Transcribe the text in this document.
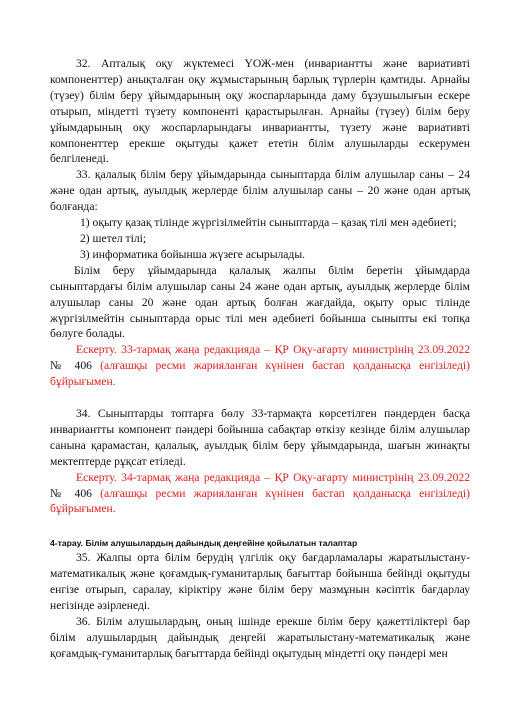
32. Апталық оқу жүктемесі ҮОЖ-мен (инвариантты және вариативті компоненттер) анықталған оқу жұмыстарының барлық түрлерін қамтиды. Арнайы (түзеу) білім беру ұйымдарының оқу жоспарларында даму бұзушылығын ескере отырып, міндетті түзету компоненті қарастырылған. Арнайы (түзеу) білім беру ұйымдарының оқу жоспарларындағы инвариантты, түзету және вариативті компоненттер ерекше оқытуды қажет ететін білім алушыларды ескерумен белгіленеді.

33. қалалық білім беру ұйымдарында сыныптарда білім алушылар саны – 24 және одан артық, ауылдық жерлерде білім алушылар саны – 20 және одан артық болғанда:

1) оқыту қазақ тілінде жүргізілмейтін сыныптарда – қазақ тілі мен әдебиеті;

2) шетел тілі;

3) информатика бойынша жүзеге асырылады.

Білім беру ұйымдарында қалалық жалпы білім беретін ұйымдарда сыныптардағы білім алушылар саны 24 және одан артық, ауылдық жерлерде білім алушылар саны 20 және одан артық болған жағдайда, оқыту орыс тілінде жүргізілмейтін сыныптарда орыс тілі мен әдебиеті бойынша сыныпты екі топқа бөлуге болады.

Ескерту. 33-тармақ жаңа редакцияда – ҚР Оқу-ағарту министрінің 23.09.2022 № 406 (алғашқы ресми жарияланған күнінен бастап қолданысқа енгізіледі) бұйрығымен.

34. Сыныптарды топтарға бөлу 33-тармақта көрсетілген пәндерден басқа инвариантты компонент пәндері бойынша сабақтар өткізу кезінде білім алушылар санына қарамастан, қалалық, ауылдық білім беру ұйымдарында, шағын жинақты мектептерде рұқсат етіледі.

Ескерту. 34-тармақ жаңа редакцияда – ҚР Оқу-ағарту министрінің 23.09.2022 № 406 (алғашқы ресми жарияланған күнінен бастап қолданысқа енгізіледі) бұйрығымен.

4-тарау. Білім алушылардың дайындық деңгейіне қойылатын талаптар

35. Жалпы орта білім берудің үлгілік оқу бағдарламалары жаратылыстану-математикалық және қоғамдық-гуманитарлық бағыттар бойынша бейінді оқытуды енгізе отырып, саралау, кіріктіру және білім беру мазмұнын кәсіптік бағдарлау негізінде әзірленеді.

36. Білім алушылардың, оның ішінде ерекше білім беру қажеттіліктері бар білім алушылардың дайындық деңгейі жаратылыстану-математикалық және қоғамдық-гуманитарлық бағыттарда бейінді оқытудың міндетті оқу пәндері мен
